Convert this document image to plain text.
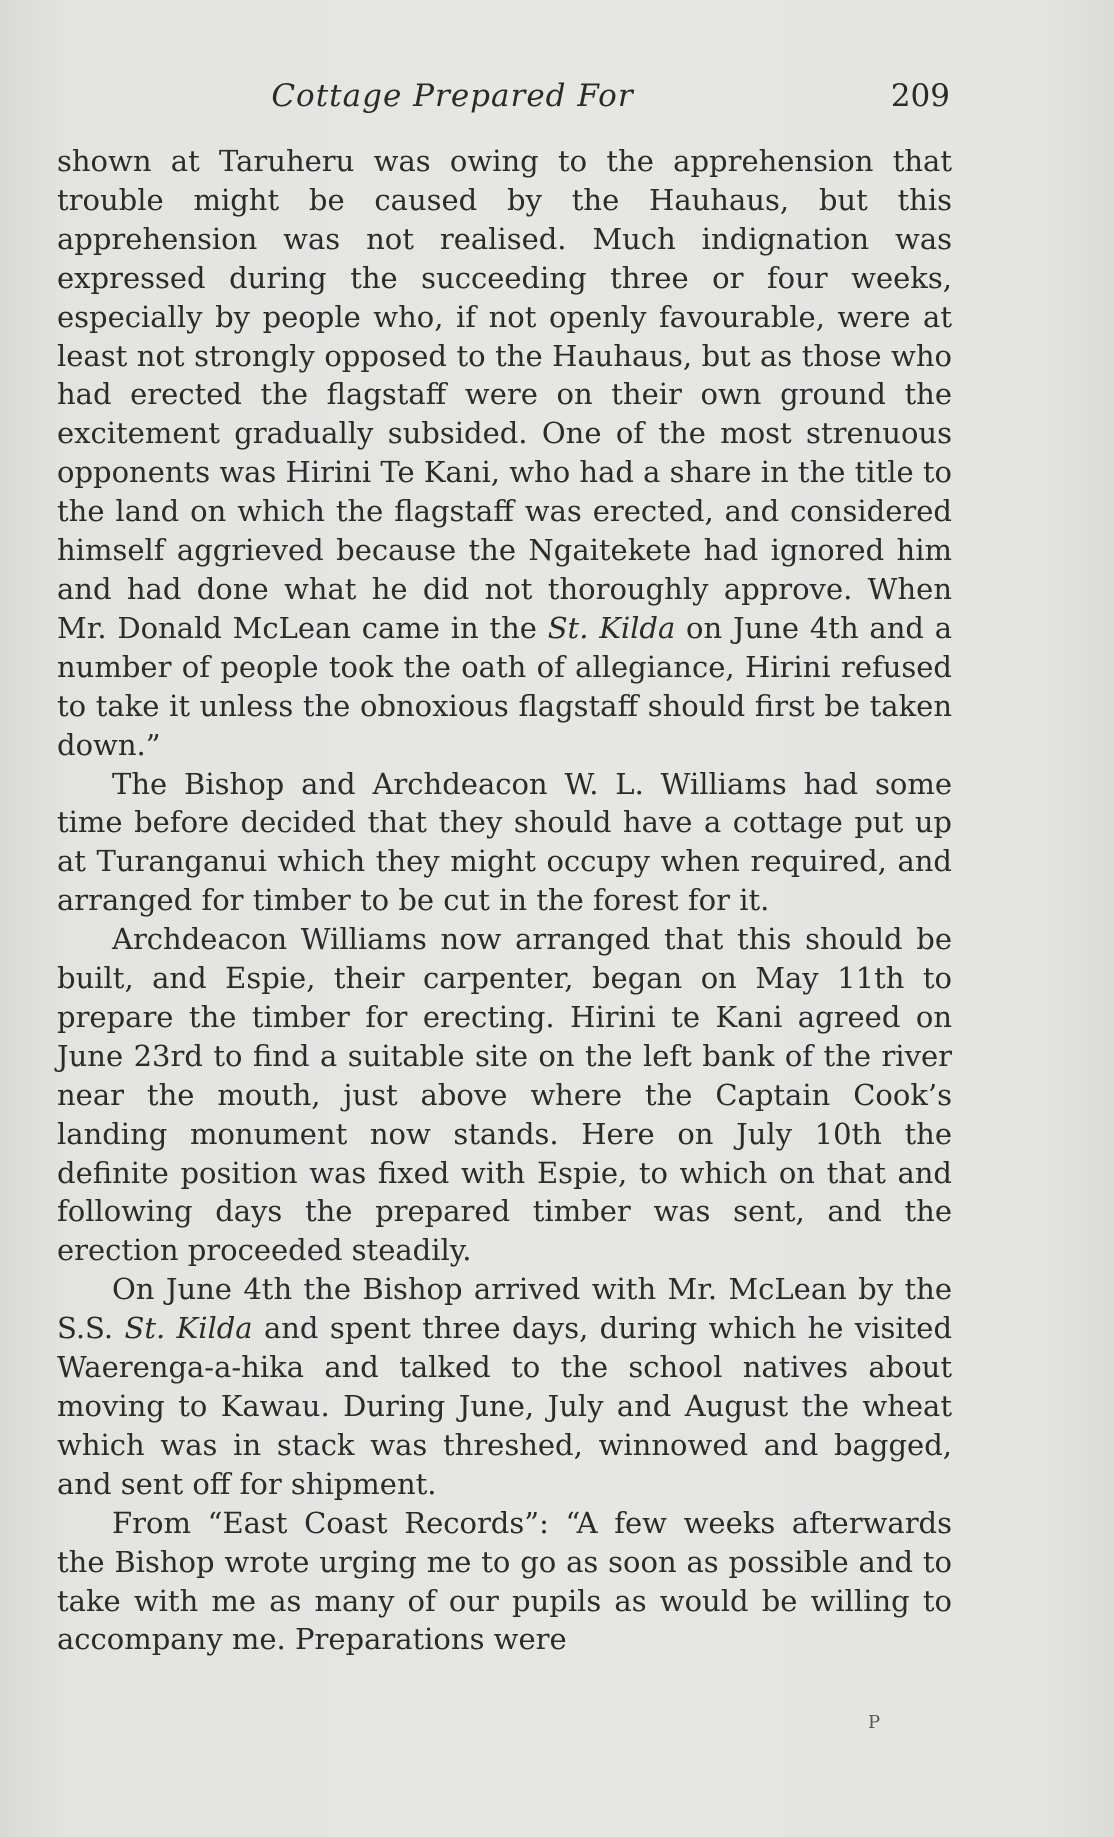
Cottage Prepared For	209

shown at Taruheru was owing to the apprehension that trouble might be caused by the Hauhaus, but this apprehension was not realised. Much indignation was expressed during the succeeding three or four weeks, especially by people who, if not openly favourable, were at least not strongly opposed to the Hauhaus, but as those who had erected the flagstaff were on their own ground the excitement gradually subsided. One of the most strenuous opponents was Hirini Te Kani, who had a share in the title to the land on which the flagstaff was erected, and considered himself aggrieved because the Ngaitekete had ignored him and had done what he did not thoroughly approve. When Mr. Donald McLean came in the St. Kilda on June 4th and a number of people took the oath of allegiance, Hirini refused to take it unless the obnoxious flagstaff should first be taken down.”

The Bishop and Archdeacon W. L. Williams had some time before decided that they should have a cottage put up at Turanganui which they might occupy when required, and arranged for timber to be cut in the forest for it.

Archdeacon Williams now arranged that this should be built, and Espie, their carpenter, began on May 11th to prepare the timber for erecting. Hirini te Kani agreed on June 23rd to find a suitable site on the left bank of the river near the mouth, just above where the Captain Cook’s landing monument now stands. Here on July 10th the definite position was fixed with Espie, to which on that and following days the prepared timber was sent, and the erection proceeded steadily.

On June 4th the Bishop arrived with Mr. McLean by the S.S. St. Kilda and spent three days, during which he visited Waerenga-a-hika and talked to the school natives about moving to Kawau. During June, July and August the wheat which was in stack was threshed, winnowed and bagged, and sent off for shipment.

From “East Coast Records”: “A few weeks afterwards the Bishop wrote urging me to go as soon as possible and to take with me as many of our pupils as would be willing to accompany me. Preparations were

P
